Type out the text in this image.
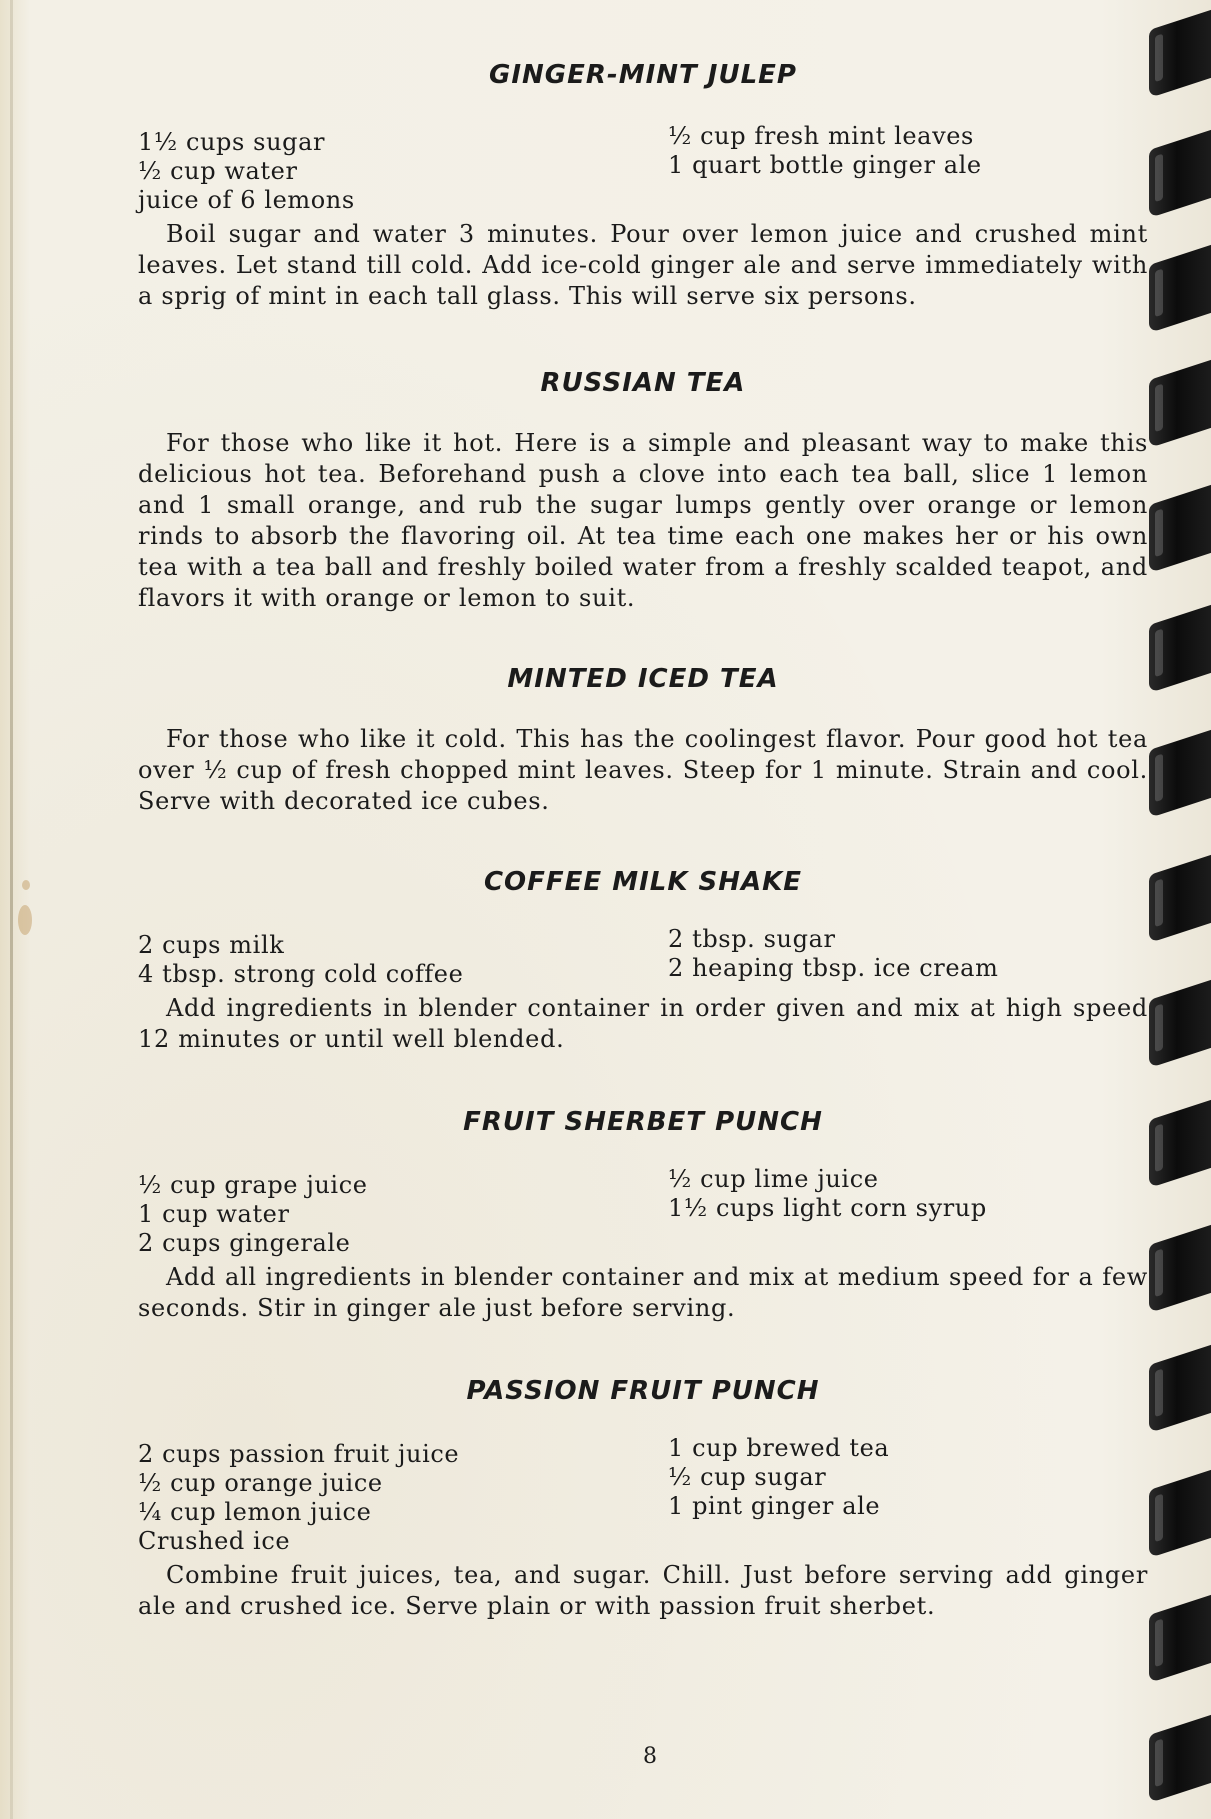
GINGER-MINT JULEP
1½ cups sugar
½ cup water
juice of 6 lemons
½ cup fresh mint leaves
1 quart bottle ginger ale

Boil sugar and water 3 minutes. Pour over lemon juice and crushed mint leaves. Let stand till cold. Add ice-cold ginger ale and serve immediately with a sprig of mint in each tall glass. This will serve six persons.

RUSSIAN TEA

For those who like it hot. Here is a simple and pleasant way to make this delicious hot tea. Beforehand push a clove into each tea ball, slice 1 lemon and 1 small orange, and rub the sugar lumps gently over orange or lemon rinds to absorb the flavoring oil. At tea time each one makes her or his own tea with a tea ball and freshly boiled water from a freshly scalded teapot, and flavors it with orange or lemon to suit.

MINTED ICED TEA

For those who like it cold. This has the coolingest flavor. Pour good hot tea over ½ cup of fresh chopped mint leaves. Steep for 1 minute. Strain and cool. Serve with decorated ice cubes.

COFFEE MILK SHAKE
2 cups milk
4 tbsp. strong cold coffee
2 tbsp. sugar
2 heaping tbsp. ice cream

Add ingredients in blender container in order given and mix at high speed 12 minutes or until well blended.

FRUIT SHERBET PUNCH
½ cup grape juice
1 cup water
2 cups gingerale
½ cup lime juice
1½ cups light corn syrup

Add all ingredients in blender container and mix at medium speed for a few seconds. Stir in ginger ale just before serving.

PASSION FRUIT PUNCH
2 cups passion fruit juice
½ cup orange juice
¼ cup lemon juice
Crushed ice
1 cup brewed tea
½ cup sugar
1 pint ginger ale

Combine fruit juices, tea, and sugar. Chill. Just before serving add ginger ale and crushed ice. Serve plain or with passion fruit sherbet.

8
